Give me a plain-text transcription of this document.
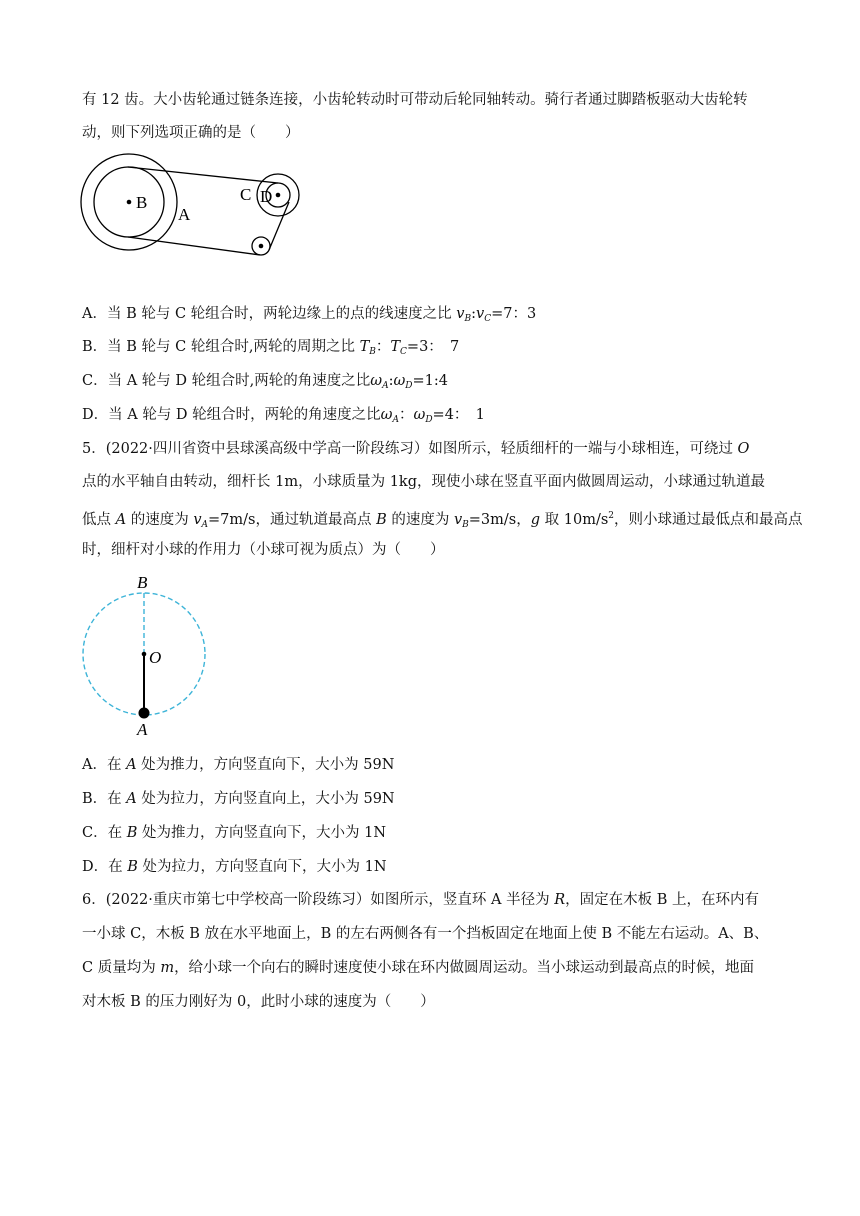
有 12 齿。大小齿轮通过链条连接，小齿轮转动时可带动后轮同轴转动。骑行者通过脚踏板驱动大齿轮转
动，则下列选项正确的是（　　）
B
A
C D
A．当 B 轮与 C 轮组合时，两轮边缘上的点的线速度之比 $v_B:v_C=7$：3
B．当 B 轮与 C 轮组合时,两轮的周期之比 $T_B$：$T_C=3$：　7
C．当 A 轮与 D 轮组合时,两轮的角速度之比$\omega_A:\omega_D=1:4$
D．当 A 轮与 D 轮组合时，两轮的角速度之比$\omega_A$：$\omega_D=4$：　1
5．(2022·四川省资中县球溪高级中学高一阶段练习）如图所示，轻质细杆的一端与小球相连，可绕过 O
点的水平轴自由转动，细杆长 1m，小球质量为 1kg，现使小球在竖直平面内做圆周运动，小球通过轨道最
低点 A 的速度为 $v_A=7m/s$，通过轨道最高点 B 的速度为 $v_B=3m/s$，g 取 $10m/s^2$，则小球通过最低点和最高点
时，细杆对小球的作用力（小球可视为质点）为（　　）
B
O
A
A．在 A 处为推力，方向竖直向下，大小为 59N
B．在 A 处为拉力，方向竖直向上，大小为 59N
C．在 B 处为推力，方向竖直向下，大小为 1N
D．在 B 处为拉力，方向竖直向下，大小为 1N
6．(2022·重庆市第七中学校高一阶段练习）如图所示，竖直环 A 半径为 R，固定在木板 B 上，在环内有
一小球 C，木板 B 放在水平地面上，B 的左右两侧各有一个挡板固定在地面上使 B 不能左右运动。A、B、
C 质量均为 m，给小球一个向右的瞬时速度使小球在环内做圆周运动。当小球运动到最高点的时候，地面
对木板 B 的压力刚好为 0，此时小球的速度为（　　）
